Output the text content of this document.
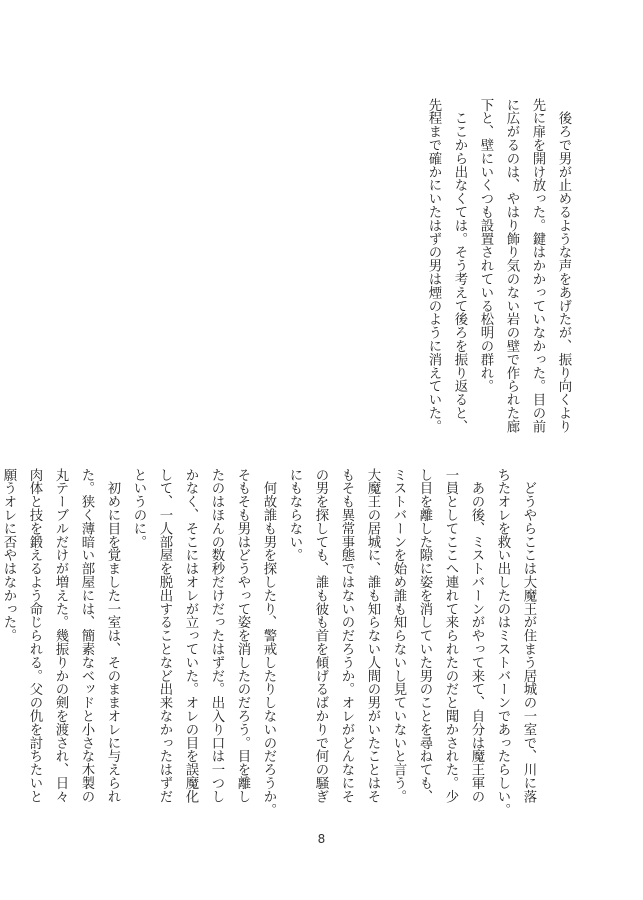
　後ろで男が止めるような声をあげたが、振り向くより
先に扉を開け放った。鍵はかかっていなかった。目の前
に広がるのは、やはり飾り気のない岩の壁で作られた廊
下と、壁にいくつも設置されている松明の群れ。
　ここから出なくては。そう考えて後ろを振り返ると、
先程まで確かにいたはずの男は煙のように消えていた。
　どうやらここは大魔王が住まう居城の一室で、川に落
ちたオレを救い出したのはミストバーンであったらしい。
　あの後、ミストバーンがやって来て、自分は魔王軍の
一員としてここへ連れて来られたのだと聞かされた。少
し目を離した隙に姿を消していた男のことを尋ねても、
ミストバーンを始め誰も知らないし見ていないと言う。
大魔王の居城に、誰も知らない人間の男がいたことはそ
もそも異常事態ではないのだろうか。オレがどんなにそ
の男を探しても、誰も彼も首を傾げるばかりで何の騒ぎ
にもならない。
　何故誰も男を探したり、警戒したりしないのだろうか。
そもそも男はどうやって姿を消したのだろう。目を離し
たのはほんの数秒だけだったはずだ。出入り口は一つし
かなく、そこにはオレが立っていた。オレの目を誤魔化
して、一人部屋を脱出することなど出来なかったはずだ
というのに。
　初めに目を覚ました一室は、そのままオレに与えられ
た。狭く薄暗い部屋には、簡素なベッドと小さな木製の
丸テーブルだけが増えた。幾振りかの剣を渡され、日々
肉体と技を鍛えるよう命じられる。父の仇を討ちたいと
願うオレに否やはなかった。
8
